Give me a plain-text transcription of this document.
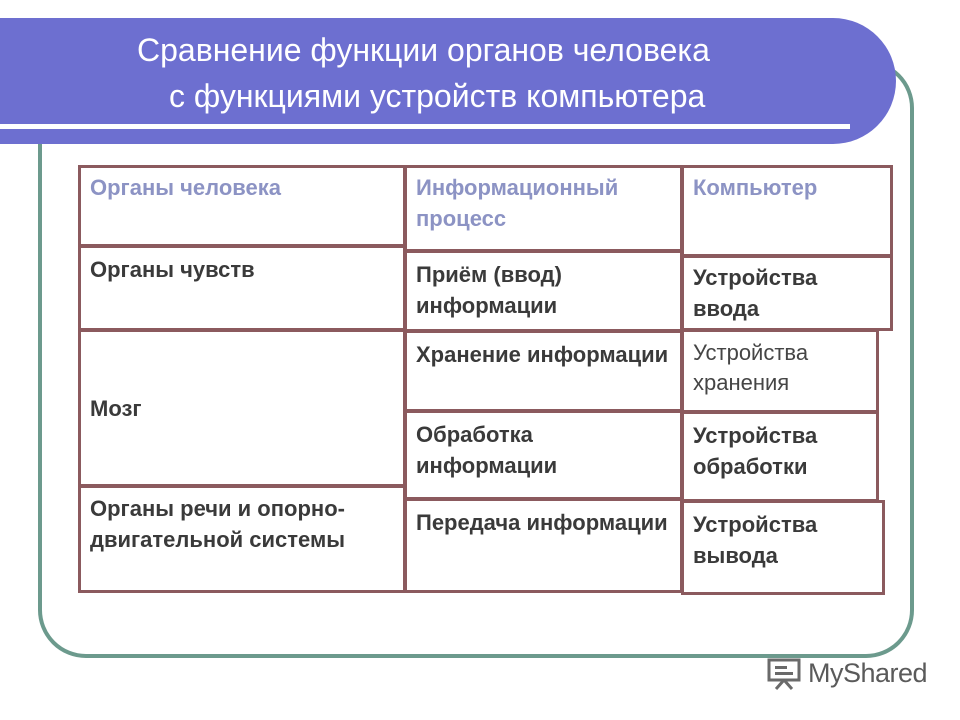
Сравнение функции органов человека
с функциями устройств компьютера
Органы человека
Органы чувств
Мозг
Органы речи и опорно-двигательной системы
Информационный процесс
Приём (ввод) информации
Хранение информации
Обработка информации
Передача информации
Компьютер
Устройства ввода
Устройства хранения
Устройства обработки
Устройства вывода
MyShared
